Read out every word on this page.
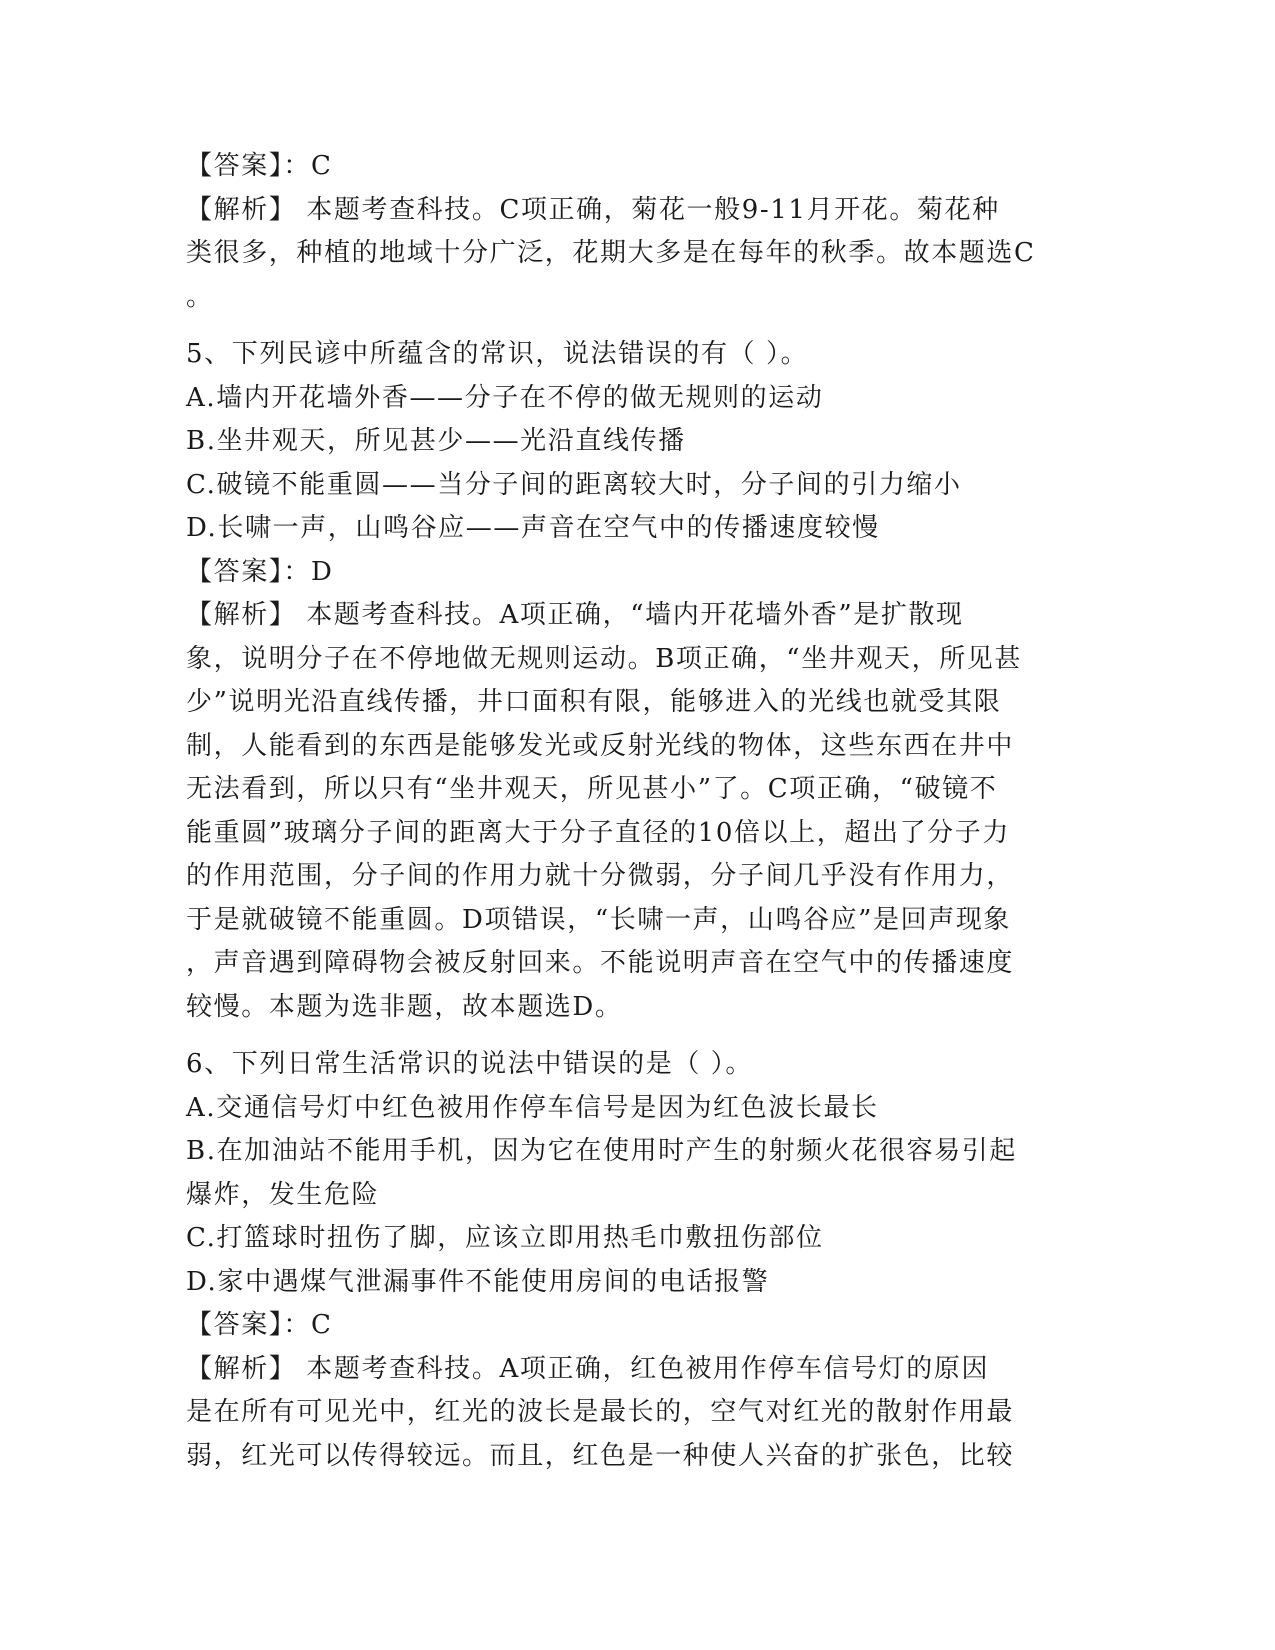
【答案】：C
【解析】 本题考查科技。C项正确，菊花一般9-11月开花。菊花种
类很多，种植的地域十分广泛，花期大多是在每年的秋季。故本题选C
。
5、下列民谚中所蕴含的常识，说法错误的有（ ）。
A.墙内开花墙外香——分子在不停的做无规则的运动
B.坐井观天，所见甚少——光沿直线传播
C.破镜不能重圆——当分子间的距离较大时，分子间的引力缩小
D.长啸一声，山鸣谷应——声音在空气中的传播速度较慢
【答案】：D
【解析】 本题考查科技。A项正确，“墙内开花墙外香”是扩散现
象，说明分子在不停地做无规则运动。B项正确，“坐井观天，所见甚
少”说明光沿直线传播，井口面积有限，能够进入的光线也就受其限
制，人能看到的东西是能够发光或反射光线的物体，这些东西在井中
无法看到，所以只有“坐井观天，所见甚小”了。C项正确，“破镜不
能重圆”玻璃分子间的距离大于分子直径的10倍以上，超出了分子力
的作用范围，分子间的作用力就十分微弱，分子间几乎没有作用力，
于是就破镜不能重圆。D项错误，“长啸一声，山鸣谷应”是回声现象
，声音遇到障碍物会被反射回来。不能说明声音在空气中的传播速度
较慢。本题为选非题，故本题选D。
6、下列日常生活常识的说法中错误的是（ ）。
A.交通信号灯中红色被用作停车信号是因为红色波长最长
B.在加油站不能用手机，因为它在使用时产生的射频火花很容易引起
爆炸，发生危险
C.打篮球时扭伤了脚，应该立即用热毛巾敷扭伤部位
D.家中遇煤气泄漏事件不能使用房间的电话报警
【答案】：C
【解析】 本题考查科技。A项正确，红色被用作停车信号灯的原因
是在所有可见光中，红光的波长是最长的，空气对红光的散射作用最
弱，红光可以传得较远。而且，红色是一种使人兴奋的扩张色，比较
